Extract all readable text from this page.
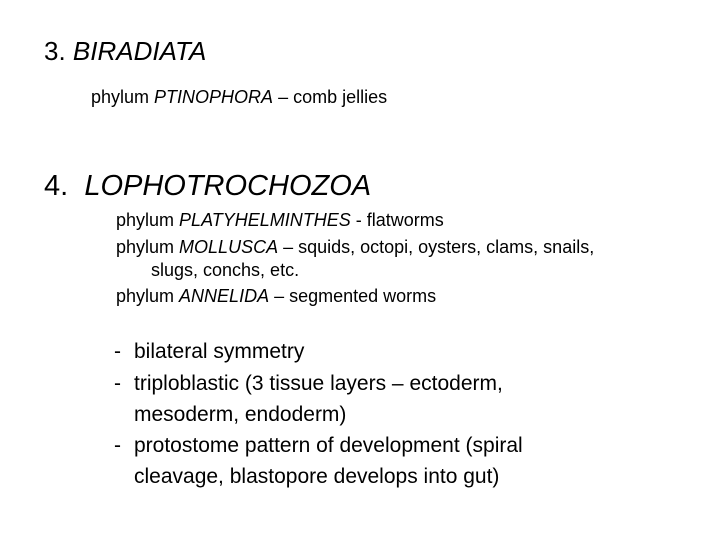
3. BIRADIATA
phylum PTINOPHORA – comb jellies
4. LOPHOTROCHOZOA
phylum PLATYHELMINTHES - flatworms
phylum MOLLUSCA – squids, octopi, oysters, clams, snails,
slugs, conchs, etc.
phylum ANNELIDA – segmented worms
- bilateral symmetry
- triploblastic (3 tissue layers – ectoderm,
mesoderm, endoderm)
- protostome pattern of development (spiral
cleavage, blastopore develops into gut)
